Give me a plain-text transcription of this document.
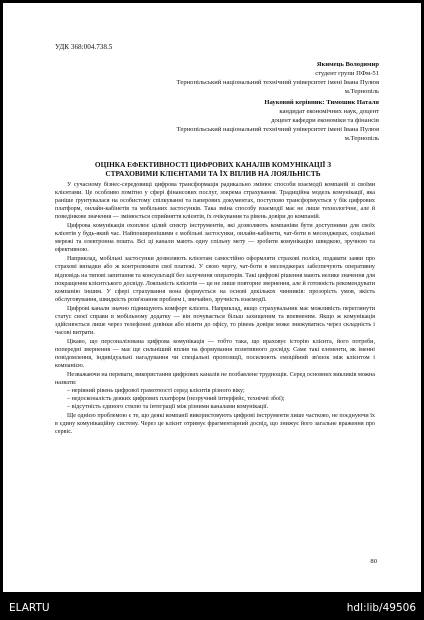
УДК 368:004.738.5
Якимець Володимир
студент групи ПФм-51
Тернопільський національний технічний університет імені Івана Пулюя
м.Тернопіль
Науковий керівник: Тимошик Наталя
кандидат економічних наук, доцент
доцент кафедри економіки та фінансів
Тернопільський національний технічний університет імені Івана Пулюя
м.Тернопіль
ОЦІНКА ЕФЕКТИВНОСТІ ЦИФРОВИХ КАНАЛІВ КОМУНІКАЦІЇ З
СТРАХОВИМИ КЛІЄНТАМИ ТА ЇХ ВПЛИВ НА ЛОЯЛЬНІСТЬ

У сучасному бізнес-середовищі цифрова трансформація радикально змінює способи взаємодії компаній зі своїми клієнтами. Це особливо помітно у сфері фінансових послуг, зокрема страхування. Традиційна модель комунікації, яка раніше ґрунтувалася на особистому спілкуванні та паперових документах, поступово трансформується у бік цифрових платформ, онлайн-кабінетів та мобільних застосунків. Така зміна способу взаємодії має не лише технологічне, але й поведінкове значення — змінюється сприйняття клієнтів, їх очікування та рівень довіри до компаній.

Цифрова комунікація охоплює цілий спектр інструментів, які дозволяють компаніям бути доступними для своїх клієнтів у будь-який час. Найпоширенішими є мобільні застосунки, онлайн-кабінети, чат-боти в месенджерах, соціальні мережі та електронна пошта. Всі ці канали мають одну спільну мету — зробити комунікацію швидкою, зручною та ефективною.

Наприклад, мобільні застосунки дозволяють клієнтам самостійно оформляти страхові поліси, подавати заяви про страхові випадки або ж контролювати свої платежі. У свою чергу, чат-боти в месенджерах забезпечують оперативну відповідь на типові запитання та консультації без залучення операторів. Такі цифрові рішення мають велике значення для покращення клієнтського досвіду. Лояльність клієнтів — це не лише повторне звернення, але й готовність рекомендувати компанію іншим. У сфері страхування вона формується на основі декількох чинників: прозорість умов, якість обслуговування, швидкість розв'язання проблем і, звичайно, зручність взаємодії.

Цифрові канали значно підвищують комфорт клієнта. Наприклад, якщо страхувальник має можливість переглянути статус своєї справи в мобільному додатку — він почувається більш захищеним та впевненим. Якщо ж комунікація здійснюється лише через телефонні дзвінки або візити до офісу, то рівень довіри може знижуватись через складність і часові витрати.

Цікаво, що персоналізована цифрова комунікація — тобто така, що враховує історію клієнта, його потреби, попередні звернення — має ще сильніший вплив на формування позитивного досвіду. Саме такі елементи, як іменні повідомлення, індивідуальні нагадування чи спеціальні пропозиції, посилюють емоційний зв'язок між клієнтом і компанією.

Незважаючи на переваги, використання цифрових каналів не позбавлене труднощів. Серед основних викликів можна назвати:

– нерівний рівень цифрової грамотності серед клієнтів різного віку;
– недосконалість деяких цифрових платформ (незручний інтерфейс, технічні збої);
– відсутність єдиного стилю та інтеграції між різними каналами комунікації.

Ще однією проблемою є те, що деякі компанії використовують цифрові інструменти лише частково, не поєднуючи їх в єдину комунікаційну систему. Через це клієнт отримує фрагментарний досвід, що знижує його загальне враження про сервіс.

80
ELARTU	hdl:lib/49506
